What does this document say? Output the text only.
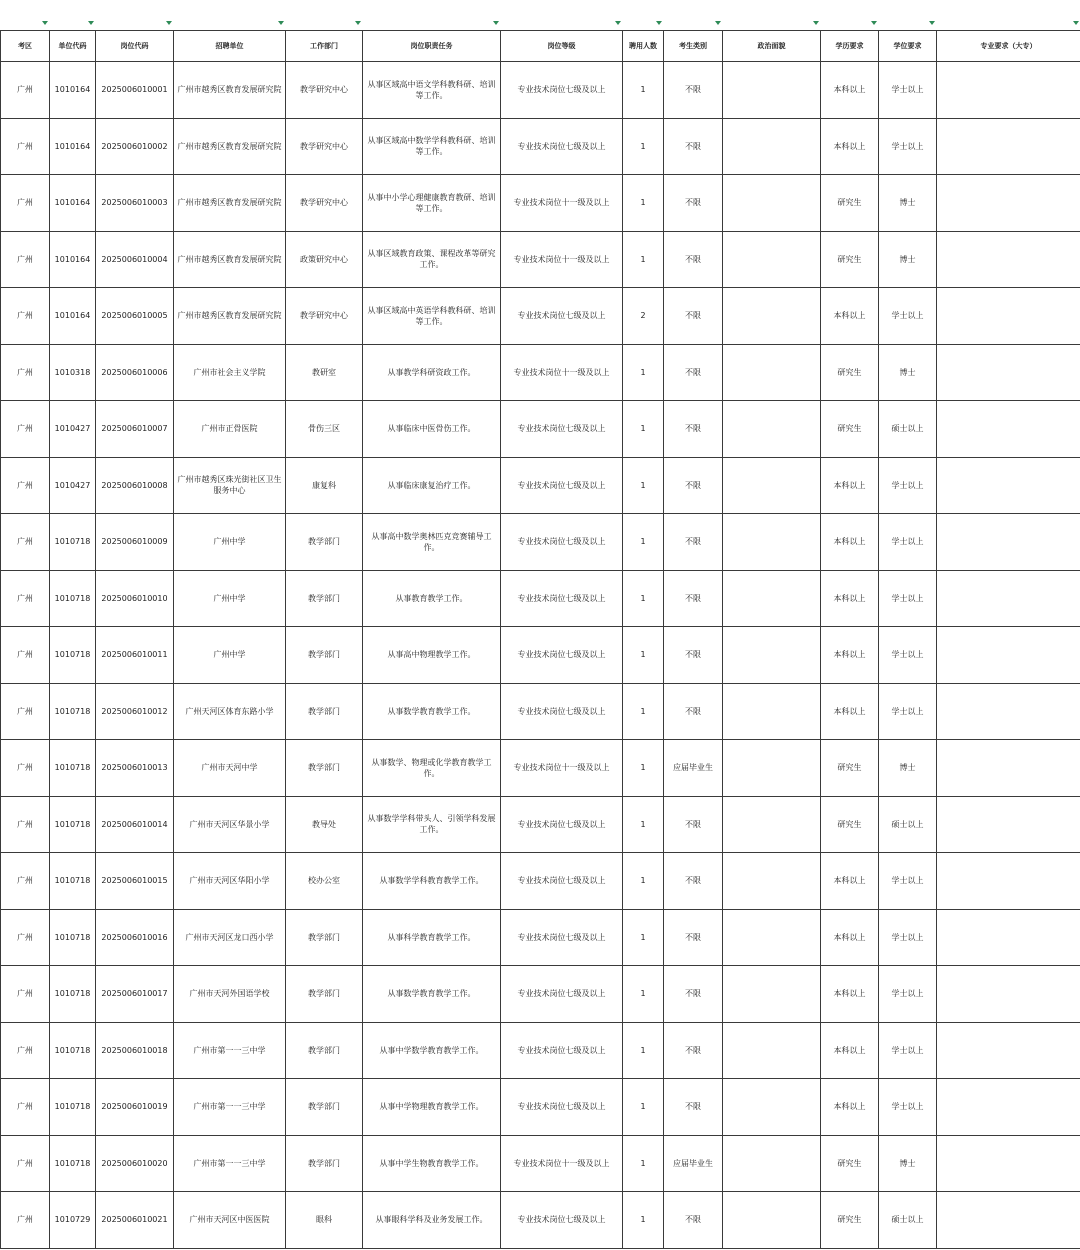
考区	单位代码	岗位代码	招聘单位	工作部门	岗位职责任务	岗位等级	聘用人数	考生类别	政治面貌	学历要求	学位要求	专业要求（大专）
广州	1010164	2025006010001	广州市越秀区教育发展研究院	教学研究中心	从事区域高中语文学科教科研、培训等工作。	专业技术岗位七级及以上	1	不限		本科以上	学士以上	
广州	1010164	2025006010002	广州市越秀区教育发展研究院	教学研究中心	从事区域高中数学学科教科研、培训等工作。	专业技术岗位七级及以上	1	不限		本科以上	学士以上	
广州	1010164	2025006010003	广州市越秀区教育发展研究院	教学研究中心	从事中小学心理健康教育教研、培训等工作。	专业技术岗位十一级及以上	1	不限		研究生	博士	
广州	1010164	2025006010004	广州市越秀区教育发展研究院	政策研究中心	从事区域教育政策、课程改革等研究工作。	专业技术岗位十一级及以上	1	不限		研究生	博士	
广州	1010164	2025006010005	广州市越秀区教育发展研究院	教学研究中心	从事区域高中英语学科教科研、培训等工作。	专业技术岗位七级及以上	2	不限		本科以上	学士以上	
广州	1010318	2025006010006	广州市社会主义学院	教研室	从事教学科研资政工作。	专业技术岗位十一级及以上	1	不限		研究生	博士	
广州	1010427	2025006010007	广州市正骨医院	骨伤三区	从事临床中医骨伤工作。	专业技术岗位七级及以上	1	不限		研究生	硕士以上	
广州	1010427	2025006010008	广州市越秀区珠光街社区卫生服务中心	康复科	从事临床康复治疗工作。	专业技术岗位七级及以上	1	不限		本科以上	学士以上	
广州	1010718	2025006010009	广州中学	教学部门	从事高中数学奥林匹克竞赛辅导工作。	专业技术岗位七级及以上	1	不限		本科以上	学士以上	
广州	1010718	2025006010010	广州中学	教学部门	从事教育教学工作。	专业技术岗位七级及以上	1	不限		本科以上	学士以上	
广州	1010718	2025006010011	广州中学	教学部门	从事高中物理教学工作。	专业技术岗位七级及以上	1	不限		本科以上	学士以上	
广州	1010718	2025006010012	广州天河区体育东路小学	教学部门	从事数学教育教学工作。	专业技术岗位七级及以上	1	不限		本科以上	学士以上	
广州	1010718	2025006010013	广州市天河中学	教学部门	从事数学、物理或化学教育教学工作。	专业技术岗位十一级及以上	1	应届毕业生		研究生	博士	
广州	1010718	2025006010014	广州市天河区华景小学	教导处	从事数学学科带头人、引领学科发展工作。	专业技术岗位七级及以上	1	不限		研究生	硕士以上	
广州	1010718	2025006010015	广州市天河区华阳小学	校办公室	从事数学学科教育教学工作。	专业技术岗位七级及以上	1	不限		本科以上	学士以上	
广州	1010718	2025006010016	广州市天河区龙口西小学	教学部门	从事科学教育教学工作。	专业技术岗位七级及以上	1	不限		本科以上	学士以上	
广州	1010718	2025006010017	广州市天河外国语学校	教学部门	从事数学教育教学工作。	专业技术岗位七级及以上	1	不限		本科以上	学士以上	
广州	1010718	2025006010018	广州市第一一三中学	教学部门	从事中学数学教育教学工作。	专业技术岗位七级及以上	1	不限		本科以上	学士以上	
广州	1010718	2025006010019	广州市第一一三中学	教学部门	从事中学物理教育教学工作。	专业技术岗位七级及以上	1	不限		本科以上	学士以上	
广州	1010718	2025006010020	广州市第一一三中学	教学部门	从事中学生物教育教学工作。	专业技术岗位十一级及以上	1	应届毕业生		研究生	博士	
广州	1010729	2025006010021	广州市天河区中医医院	眼科	从事眼科学科及业务发展工作。	专业技术岗位七级及以上	1	不限		研究生	硕士以上	
